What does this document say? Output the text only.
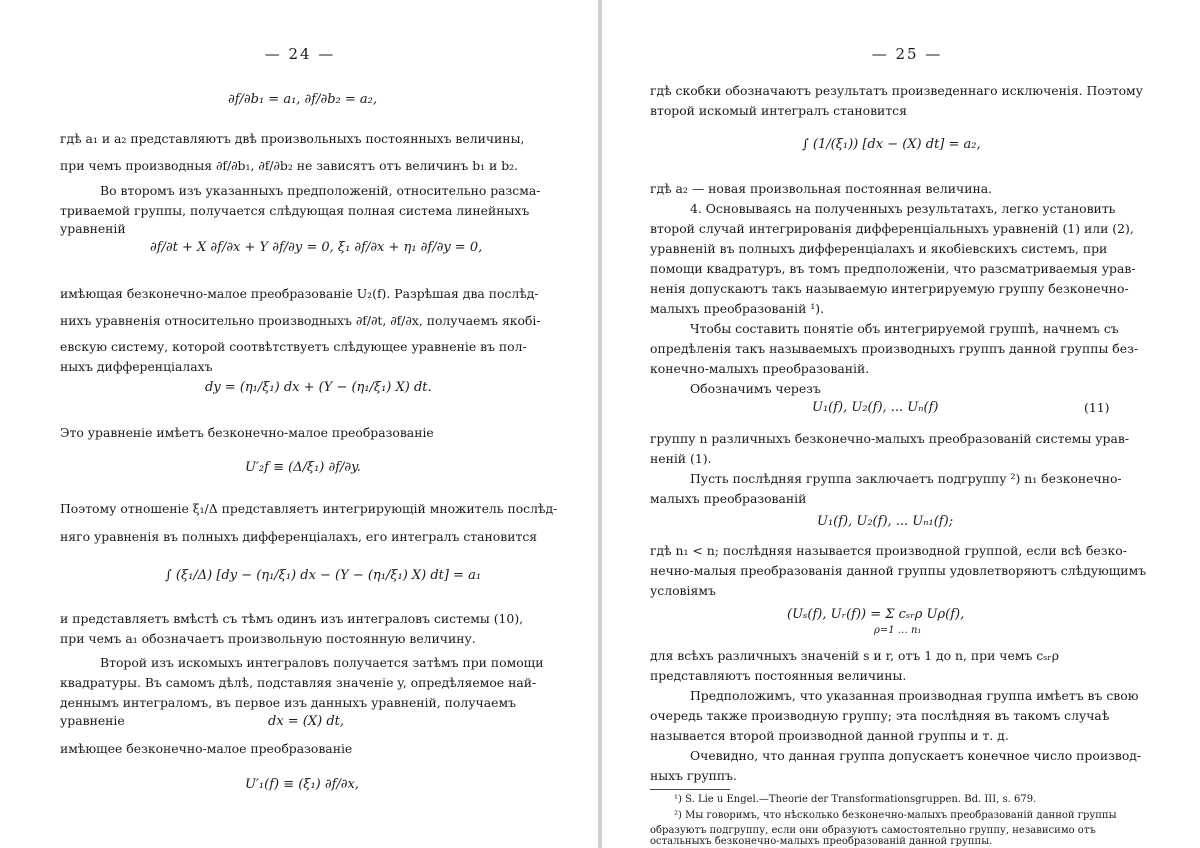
— 24 —
∂f/∂b₁ = a₁, ∂f/∂b₂ = a₂,
гдѣ a₁ и a₂ представляютъ двѣ произвольныхъ постоянныхъ величины,
при чемъ производныя ∂f/∂b₁, ∂f/∂b₂ не зависятъ отъ величинъ b₁ и b₂.
Во второмъ изъ указанныхъ предположеній, относительно разсма-
триваемой группы, получается слѣдующая полная система линейныхъ
уравненій
∂f/∂t + X ∂f/∂x + Y ∂f/∂y = 0, ξ₁ ∂f/∂x + η₁ ∂f/∂y = 0,
имѣющая безконечно-малое преобразованіе U₂(f). Разрѣшая два послѣд-
нихъ уравненія относительно производныхъ ∂f/∂t, ∂f/∂x, получаемъ якобі-
евскую систему, которой соотвѣтствуетъ слѣдующее уравненіе въ пол-
ныхъ дифференціалахъ
dy = (η₁/ξ₁) dx + (Y − (η₁/ξ₁) X) dt.
Это уравненіе имѣетъ безконечно-малое преобразованіе
U′₂f ≡ (Δ/ξ₁) ∂f/∂y.
Поэтому отношеніе ξ₁/Δ представляетъ интегрирующій множитель послѣд-
няго уравненія въ полныхъ дифференціалахъ, его интегралъ становится
∫ (ξ₁/Δ) [dy − (η₁/ξ₁) dx − (Y − (η₁/ξ₁) X) dt] = a₁
и представляетъ вмѣстѣ съ тѣмъ одинъ изъ интеграловъ системы (10),
при чемъ a₁ обозначаетъ произвольную постоянную величину.
Второй изъ искомыхъ интеграловъ получается затѣмъ при помощи
квадратуры. Въ самомъ дѣлѣ, подставляя значеніе y, опредѣляемое най-
деннымъ интеграломъ, въ первое изъ данныхъ уравненій, получаемъ
уравненіе	dx = (X) dt,
имѣющее безконечно-малое преобразованіе
U′₁(f) ≡ (ξ₁) ∂f/∂x,
— 25 —
гдѣ скобки обозначаютъ результатъ произведеннаго исключенія. Поэтому
второй искомый интегралъ становится
∫ (1/(ξ₁)) [dx − (X) dt] = a₂,
гдѣ a₂ — новая произвольная постоянная величина.
4. Основываясь на полученныхъ результатахъ, легко установить
второй случай интегрированія дифференціальныхъ уравненій (1) или (2),
уравненій въ полныхъ дифференціалахъ и якобіевскихъ системъ, при
помощи квадратуръ, въ томъ предположеніи, что разсматриваемыя урав-
ненія допускаютъ такъ называемую интегрируемую группу безконечно-
малыхъ преобразованій ¹).
Чтобы составить понятіе объ интегрируемой группѣ, начнемъ съ
опредѣленія такъ называемыхъ производныхъ группъ данной группы без-
конечно-малыхъ преобразованій.
Обозначимъ черезъ
U₁(f), U₂(f), ... Uₙ(f)	(11)
группу n различныхъ безконечно-малыхъ преобразованій системы урав-
неній (1).
Пусть послѣдняя группа заключаетъ подгруппу ²) n₁ безконечно-
малыхъ преобразованій
U₁(f), U₂(f), ... Uₙ₁(f);
гдѣ n₁ < n; послѣдняя называется производной группой, если всѣ безко-
нечно-малыя преобразованія данной группы удовлетворяютъ слѣдующимъ
условіямъ
(Uₛ(f), Uᵣ(f)) = Σ cₛᵣρ Uρ(f),
ρ=1 … n₁
для всѣхъ различныхъ значеній s и r, отъ 1 до n, при чемъ cₛᵣρ
представляютъ постоянныя величины.
Предположимъ, что указанная производная группа имѣетъ въ свою
очередь также производную группу; эта послѣдняя въ такомъ случаѣ
называется второй производной данной группы и т. д.
Очевидно, что данная группа допускаетъ конечное число производ-
ныхъ группъ.
¹) S. Lie u Engel.—Theorie der Transformationsgruppen. Bd. III, s. 679.
²) Мы говоримъ, что нѣсколько безконечно-малыхъ преобразованій данной группы
образуютъ подгруппу, если они образуютъ самостоятельно группу, независимо отъ
остальныхъ безконечно-малыхъ преобразованій данной группы.
